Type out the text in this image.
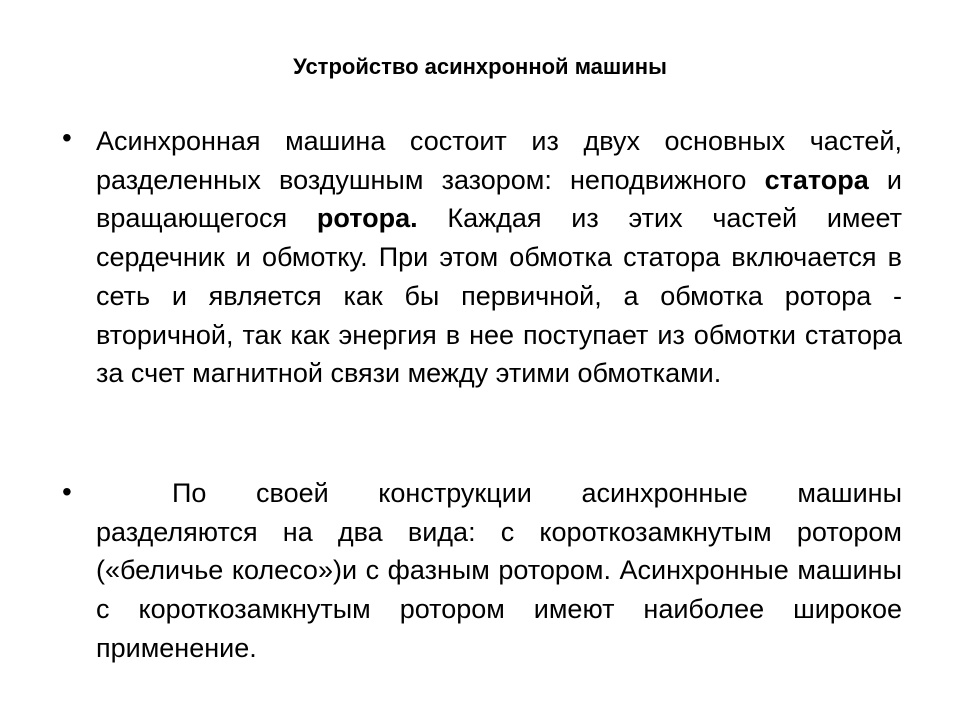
Устройство асинхронной машины
• Асинхронная машина состоит из двух основных частей, разделенных воздушным зазором: неподвижного статора и вращающегося ротора. Каждая из этих частей имеет сердечник и обмотку. При этом обмотка статора включается в сеть и является как бы первичной, а обмотка ротора - вторичной, так как энергия в нее поступает из обмотки статора за счет магнитной связи между этими обмотками.
•	По своей конструкции асинхронные машины разделяются на два вида: с короткозамкнутым ротором («беличье колесо»)и с фазным ротором. Асинхронные машины с короткозамкнутым ротором имеют наиболее широкое применение.
